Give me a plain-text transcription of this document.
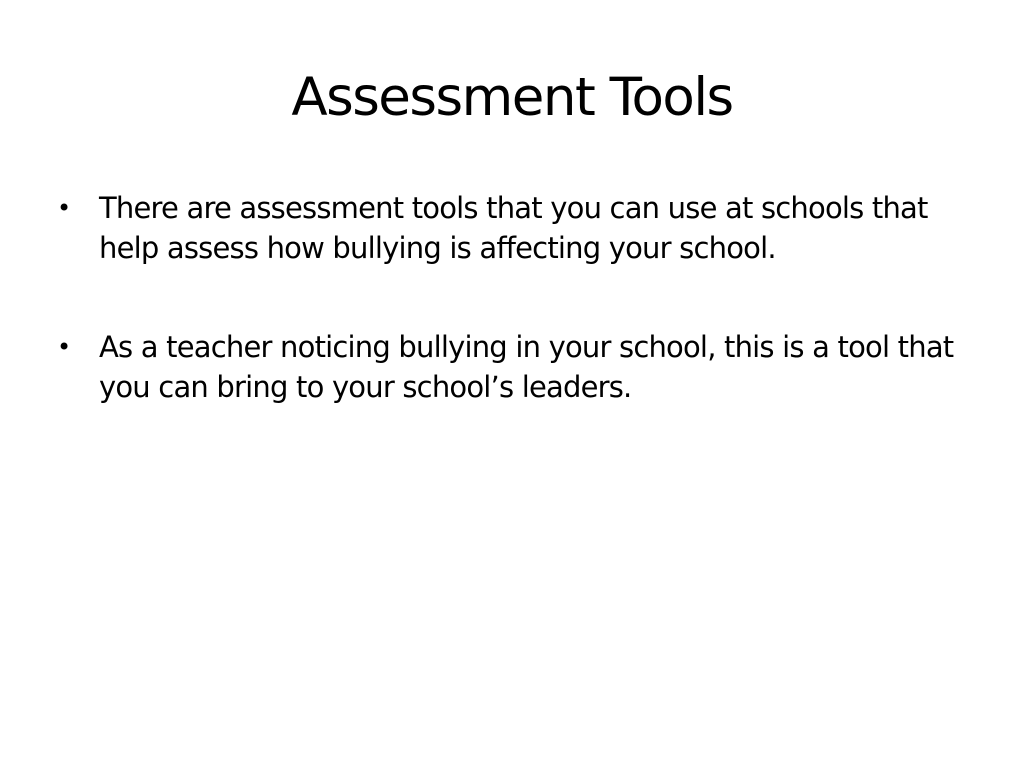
Assessment Tools
• There are assessment tools that you can use at schools that help assess how bullying is affecting your school.
• As a teacher noticing bullying in your school, this is a tool that you can bring to your school’s leaders.
